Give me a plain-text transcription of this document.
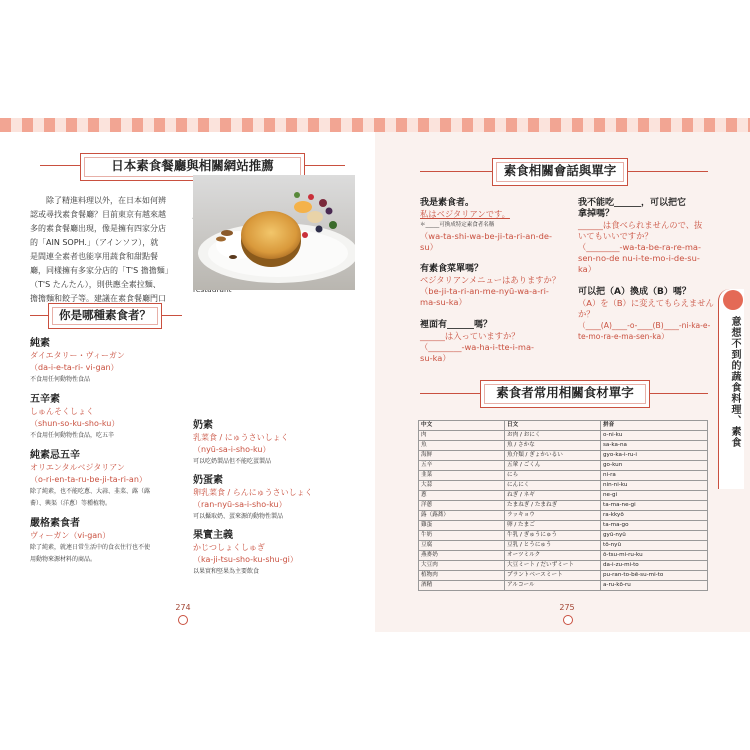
日本素食餐廳與相關網站推薦
除了精進料理以外，在日本如何辨
認或尋找素食餐廳？目前東京有越來越
多的素食餐廳出現，像是擁有四家分店
的「AIN SOPH.」（アインソフ），就
是間連全素者也能享用蔬食和甜點餐
廳，同樣擁有多家分店的「T'S 擔擔麵」
（T'S たんたん），則供應全素拉麵、
擔擔麵和餃子等。建議在素食餐廳門口
你是哪種素食者？
純素
ダイエタリー・ヴィーガン
（da-i-e-ta-ri- vi-gan）
不食用任何動物性食品
五辛素
しゅんそくしょく
（shun-so-ku-sho-ku）
不食用任何動物性食品，吃五辛
純素忌五辛
オリエンタルベジタリアン
（o-ri-en-ta-ru-be-ji-ta-ri-an）
除了純素，也不能吃蔥、大蒜、韭菜、蕗（蕗
蕎）、興渠（洋蔥）等種植物。
嚴格素食者
ヴィーガン（vi-gan）
除了純素，就連日常生活中的食衣住行也不使
用動物來源材料的商品。
奶素
乳菜食 / にゅうさいしょく
（nyū-sa-i-sho-ku）
可以吃奶製品但不能吃蛋製品
奶蛋素
卵乳菜食 / らんにゅうさいしょく
（ran-nyū-sa-i-sho-ku）
可以攝取奶、蛋來源的動物性製品
果實主義
かじつしょくしゅぎ
（ka-ji-tsu-sho-ku-shu-gi）
以果實和堅果為主要飲食
274
素食相關會話與單字
我是素食者。
私はベジタリアンです。
＊_____可換成特定素食者名稱
（wa-ta-shi-wa-be-ji-ta-ri-an-de-
su）
有素食菜單嗎？
ベジタリアンメニューはありますか？
（be-ji-ta-ri-an-me-nyū-wa-a-ri-
ma-su-ka）
裡面有______嗎？
______は入っていますか？
（________-wa-ha-i-tte-i-ma-
su-ka）
我不能吃______，可以把它
拿掉嗎？
______は食べられませんので、抜
いてもいいですか？
（________-wa-ta-be-ra-re-ma-
sen-no-de nu-i-te-mo-i-de-su-
ka）
可以把（A）換成（B）嗎？
（A）を（B）に変えてもらえませんか？
（____(A)____-o-____(B)____-ni-ka-e-
te-mo-ra-e-ma-sen-ka）	意想不到的蔬食料理、素食
素食者常用相關食材單字
中文	日文	拼音
肉	お肉 / おにく	o-ni-ku
魚	魚 / さかな	sa-ka-na
海鮮	魚介類 / ぎょかいるい	gyo-ka-i-ru-i
五辛	五葷 / ごくん	go-kun
韭菜	にら	ni-ra
大蒜	にんにく	nin-ni-ku
蔥	ねぎ / ネギ	ne-gi
洋蔥	たまねぎ / たまねぎ	ta-ma-ne-gi
蕗（蕗蕎）	ラッキョウ	ra-kkyō
雞蛋	卵 / たまご	ta-ma-go
牛奶	牛乳 / ぎゅうにゅう	gyū-nyū
豆腐	豆乳 / とうにゅう	tō-nyū
燕麥奶	オーツミルク	ō-tsu-mi-ru-ku
大豆肉	大豆ミート / だいずミート	da-i-zu-mi-to
植物肉	プラントベースミート	pu-ran-to-bē-su-mi-to
酒精	アルコール	a-ru-kō-ru
275
